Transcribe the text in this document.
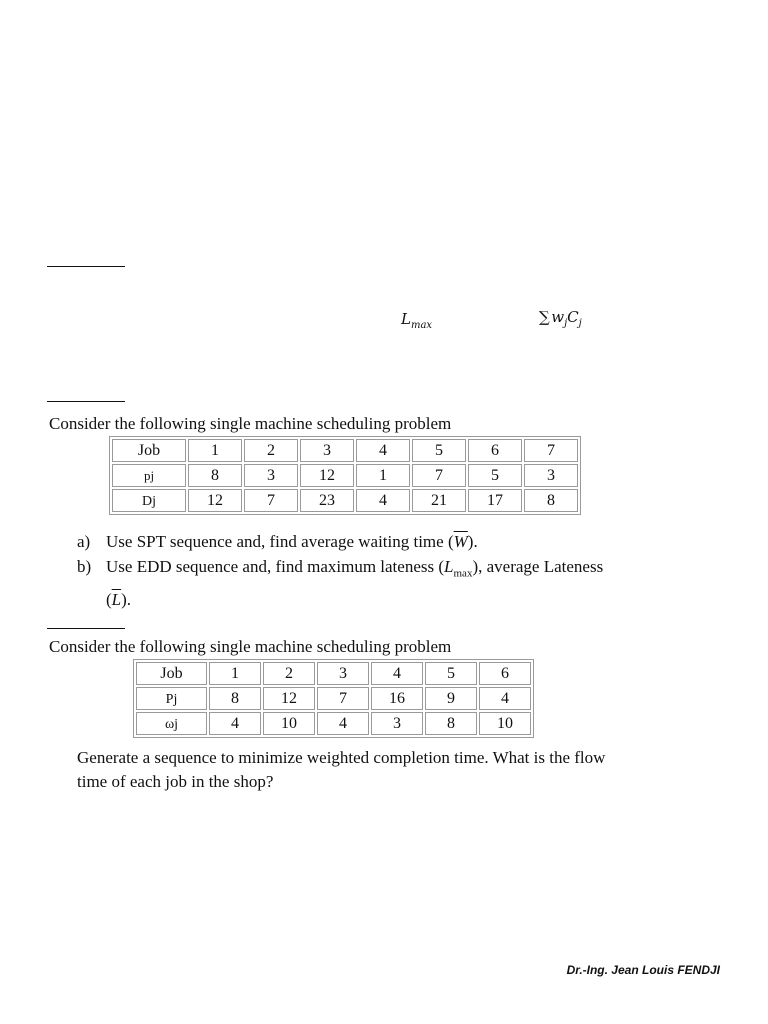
$L_{max}$	∑  $w_jC_j$
Consider the following single machine scheduling problem
Job	1	2	3	4	5	6	7
pj	8	3	12	1	7	5	3
Dj	12	7	23	4	21	17	8
a) Use SPT sequence and, find average waiting time $(\overline{W})$.
b) Use EDD sequence and, find maximum lateness $(L_{max})$, average Lateness
$(\overline{L})$.
Consider the following single machine scheduling problem
Job	1	2	3	4	5	6
Pj	8	12	7	16	9	4
ωj	4	10	4	3	8	10
Generate a sequence to minimize weighted completion time. What is the flow
time of each job in the shop?
Dr.-Ing. Jean Louis FENDJI
